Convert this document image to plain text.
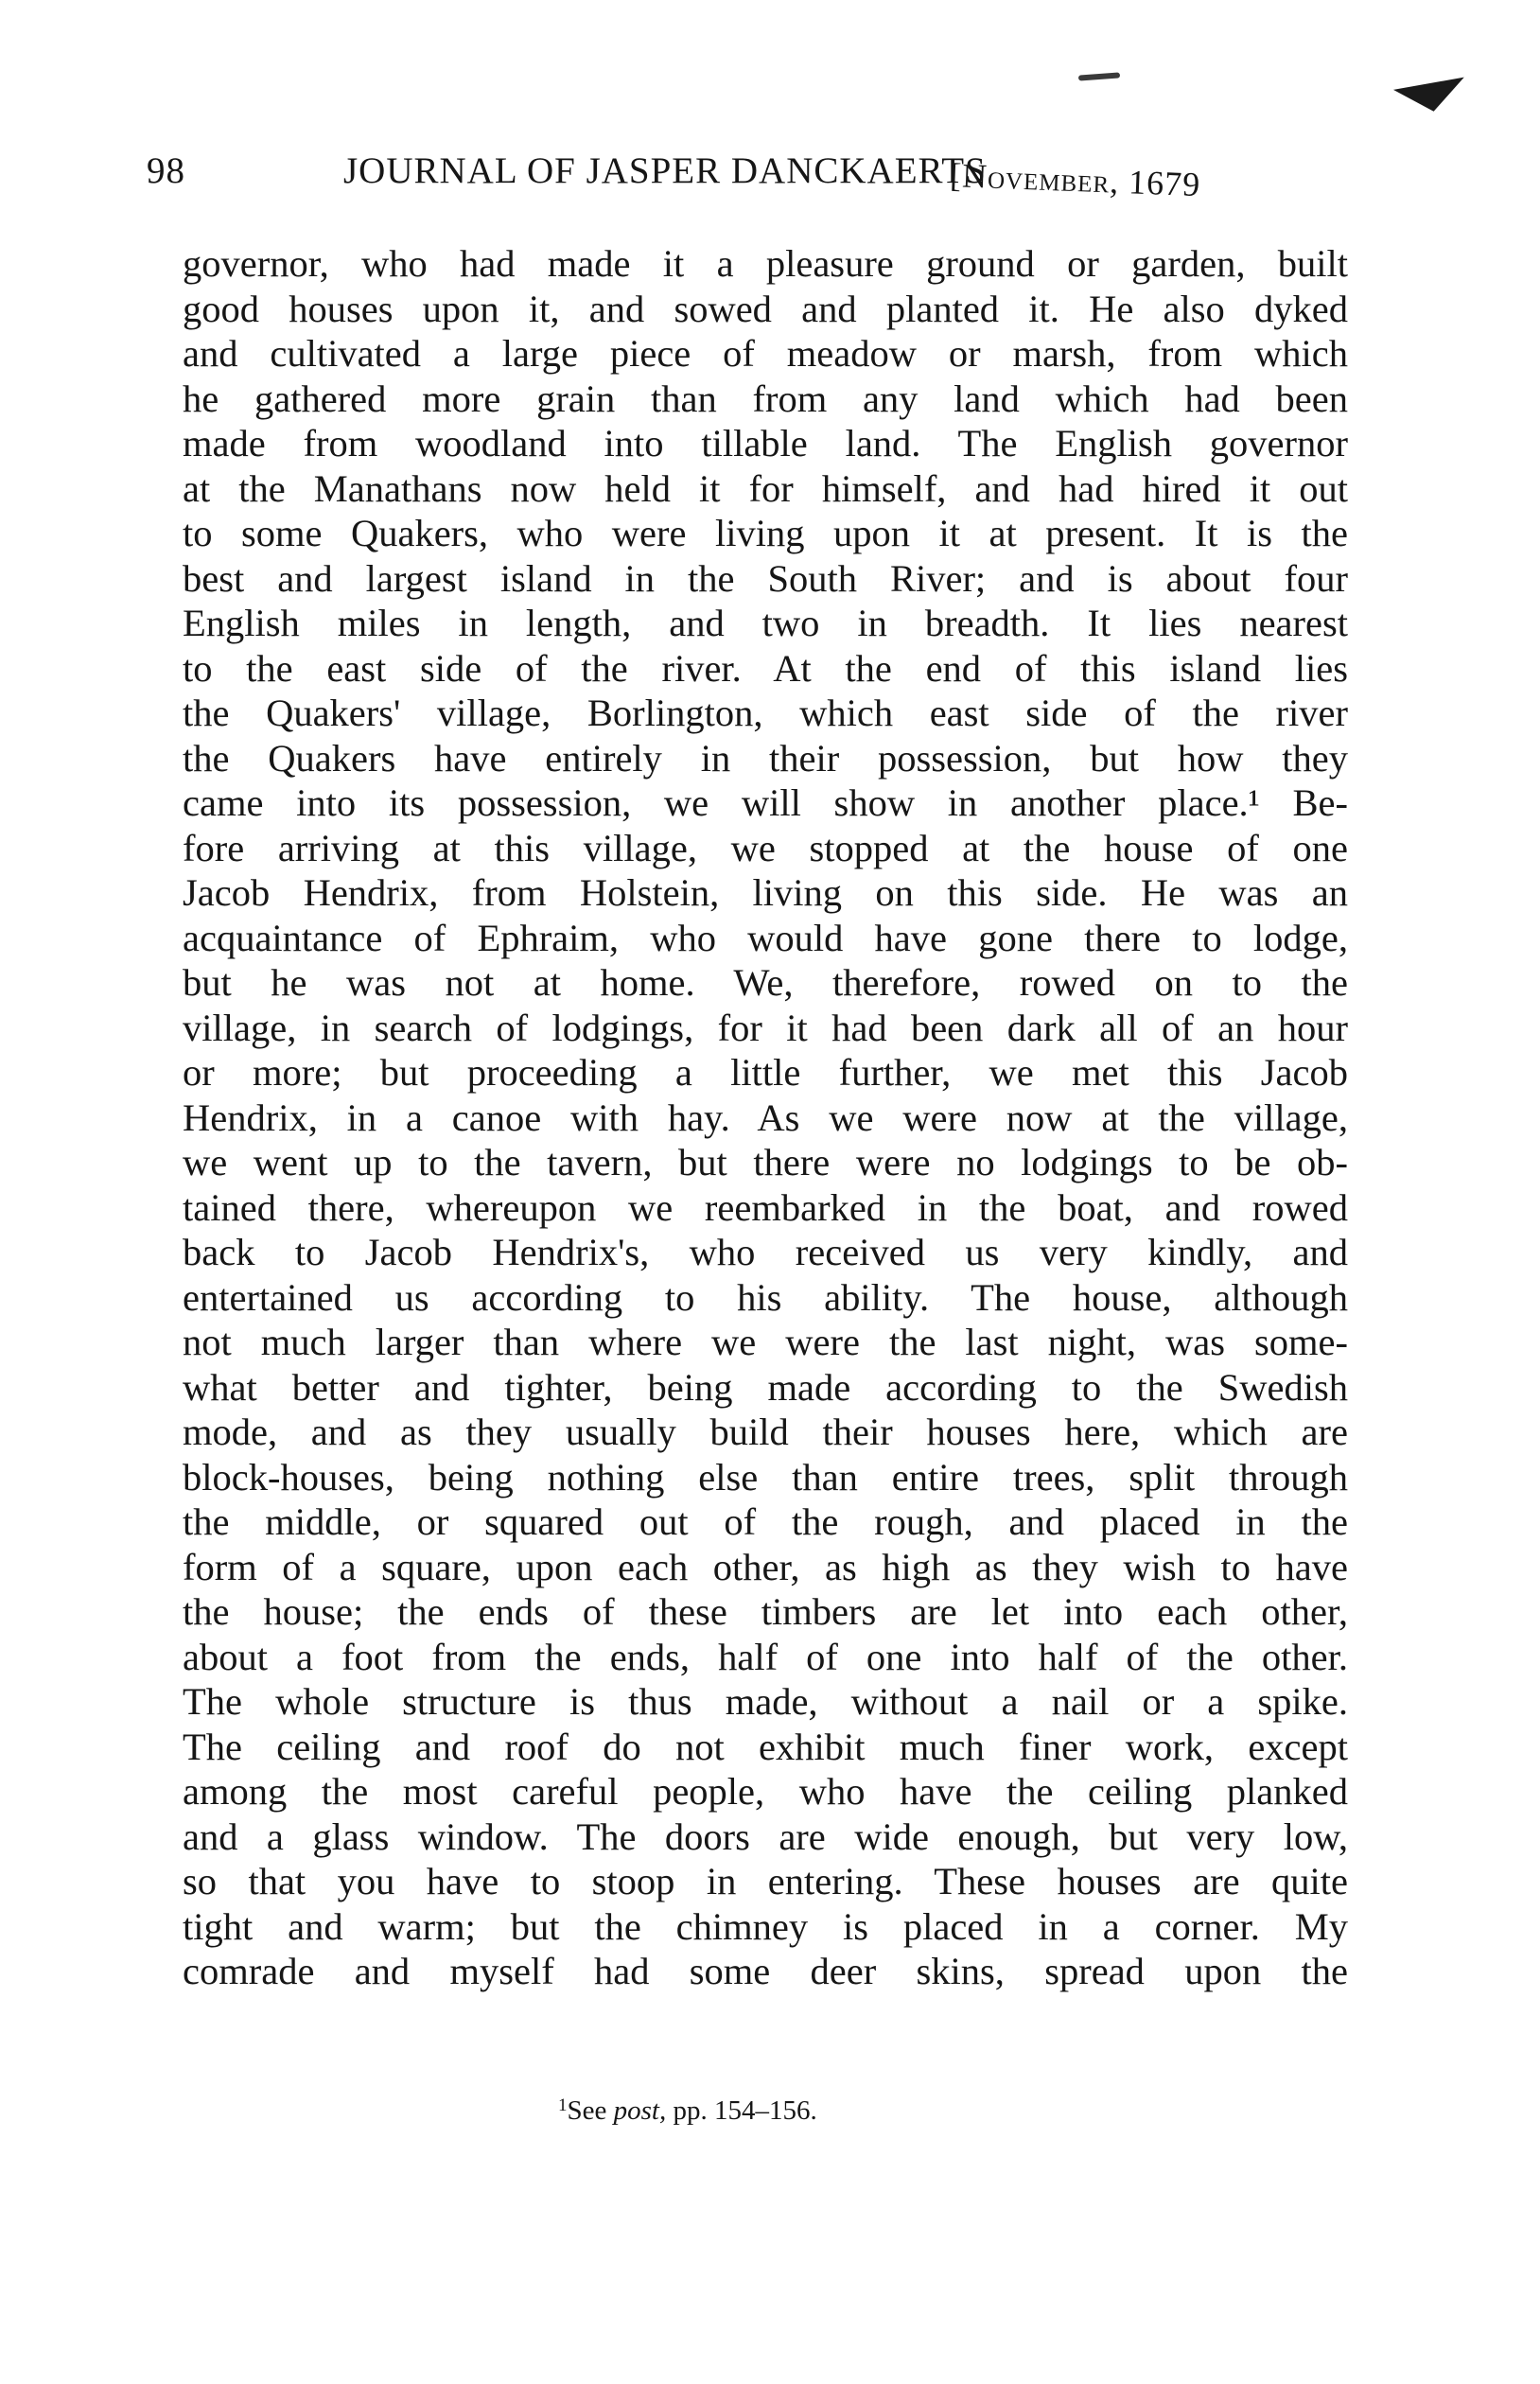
98	JOURNAL OF JASPER DANCKAERTS
[November, 1679
governor, who had made it a pleasure ground or garden, built
good houses upon it, and sowed and planted it. He also dyked
and cultivated a large piece of meadow or marsh, from which
he gathered more grain than from any land which had been
made from woodland into tillable land. The English governor
at the Manathans now held it for himself, and had hired it out
to some Quakers, who were living upon it at present. It is the
best and largest island in the South River; and is about four
English miles in length, and two in breadth. It lies nearest
to the east side of the river. At the end of this island lies
the Quakers' village, Borlington, which east side of the river
the Quakers have entirely in their possession, but how they
came into its possession, we will show in another place.¹ Be-
fore arriving at this village, we stopped at the house of one
Jacob Hendrix, from Holstein, living on this side. He was an
acquaintance of Ephraim, who would have gone there to lodge,
but he was not at home. We, therefore, rowed on to the
village, in search of lodgings, for it had been dark all of an hour
or more; but proceeding a little further, we met this Jacob
Hendrix, in a canoe with hay. As we were now at the village,
we went up to the tavern, but there were no lodgings to be ob-
tained there, whereupon we reembarked in the boat, and rowed
back to Jacob Hendrix's, who received us very kindly, and
entertained us according to his ability. The house, although
not much larger than where we were the last night, was some-
what better and tighter, being made according to the Swedish
mode, and as they usually build their houses here, which are
block-houses, being nothing else than entire trees, split through
the middle, or squared out of the rough, and placed in the
form of a square, upon each other, as high as they wish to have
the house; the ends of these timbers are let into each other,
about a foot from the ends, half of one into half of the other.
The whole structure is thus made, without a nail or a spike.
The ceiling and roof do not exhibit much finer work, except
among the most careful people, who have the ceiling planked
and a glass window. The doors are wide enough, but very low,
so that you have to stoop in entering. These houses are quite
tight and warm; but the chimney is placed in a corner. My
comrade and myself had some deer skins, spread upon the
$^1$See post, pp. 154–156.
